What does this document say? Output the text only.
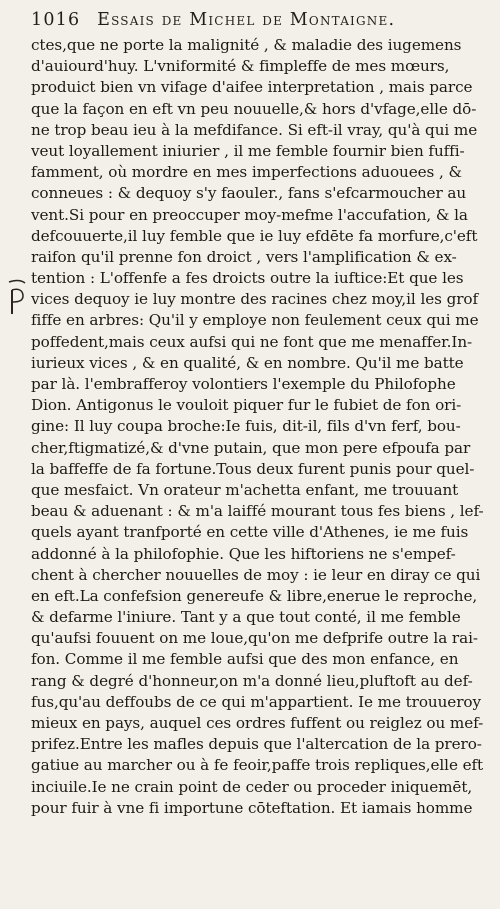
1016 Essais de Michel de Montaigne.
ctes,que ne porte la malignité , & maladie des iugemens
d'auiourd'huy. L'vniformité & fimpleffe de mes mœurs,
produict bien vn vifage d'aifee interpretation , mais parce
que la façon en eft vn peu nouuelle,& hors d'vfage,elle dō-
ne trop beau ieu à la mefdifance. Si eft-il vray, qu'à qui me
veut loyallement iniurier , il me femble fournir bien fuffi-
famment, où mordre en mes imperfections aduouees , &
conneues : & dequoy s'y faouler., fans s'efcarmoucher au
vent.Si pour en preoccuper moy-mefme l'accufation, & la
defcouuerte,il luy femble que ie luy efdēte fa morfure,c'eft
raifon qu'il prenne fon droict , vers l'amplification & ex-
tention : L'offenfe a fes droicts outre la iuftice:Et que les
vices dequoy ie luy montre des racines chez moy,il les grof
fiffe en arbres: Qu'il y employe non feulement ceux qui me
poffedent,mais ceux aufsi qui ne font que me menaffer.In-
iurieux vices , & en qualité, & en nombre. Qu'il me batte
par là. l'embrafferoy volontiers l'exemple du Philofophe
Dion. Antigonus le vouloit piquer fur le fubiet de fon ori-
gine: Il luy coupa broche:Ie fuis, dit-il, fils d'vn ferf, bou-
cher,ftigmatizé,& d'vne putain, que mon pere efpoufa par
la baffeffe de fa fortune.Tous deux furent punis pour quel-
que mesfaict. Vn orateur m'achetta enfant, me trouuant
beau & aduenant : & m'a laiffé mourant tous fes biens , lef-
quels ayant tranfporté en cette ville d'Athenes, ie me fuis
addonné à la philofophie. Que les hiftoriens ne s'empef-
chent à chercher nouuelles de moy : ie leur en diray ce qui
en eft.La confefsion genereufe & libre,enerue le reproche,
& defarme l'iniure. Tant y a que tout conté, il me femble
qu'aufsi fouuent on me loue,qu'on me defprife outre la rai-
fon. Comme il me femble aufsi que des mon enfance, en
rang & degré d'honneur,on m'a donné lieu,pluftoft au def-
fus,qu'au deffoubs de ce qui m'appartient. Ie me trouueroy
mieux en pays, auquel ces ordres fuffent ou reiglez ou mef-
prifez.Entre les mafles depuis que l'altercation de la prero-
gatiue au marcher ou à fe feoir,paffe trois repliques,elle eft
inciuile.Ie ne crain point de ceder ou proceder iniquemēt,
pour fuir à vne fi importune cōteftation. Et iamais homme
